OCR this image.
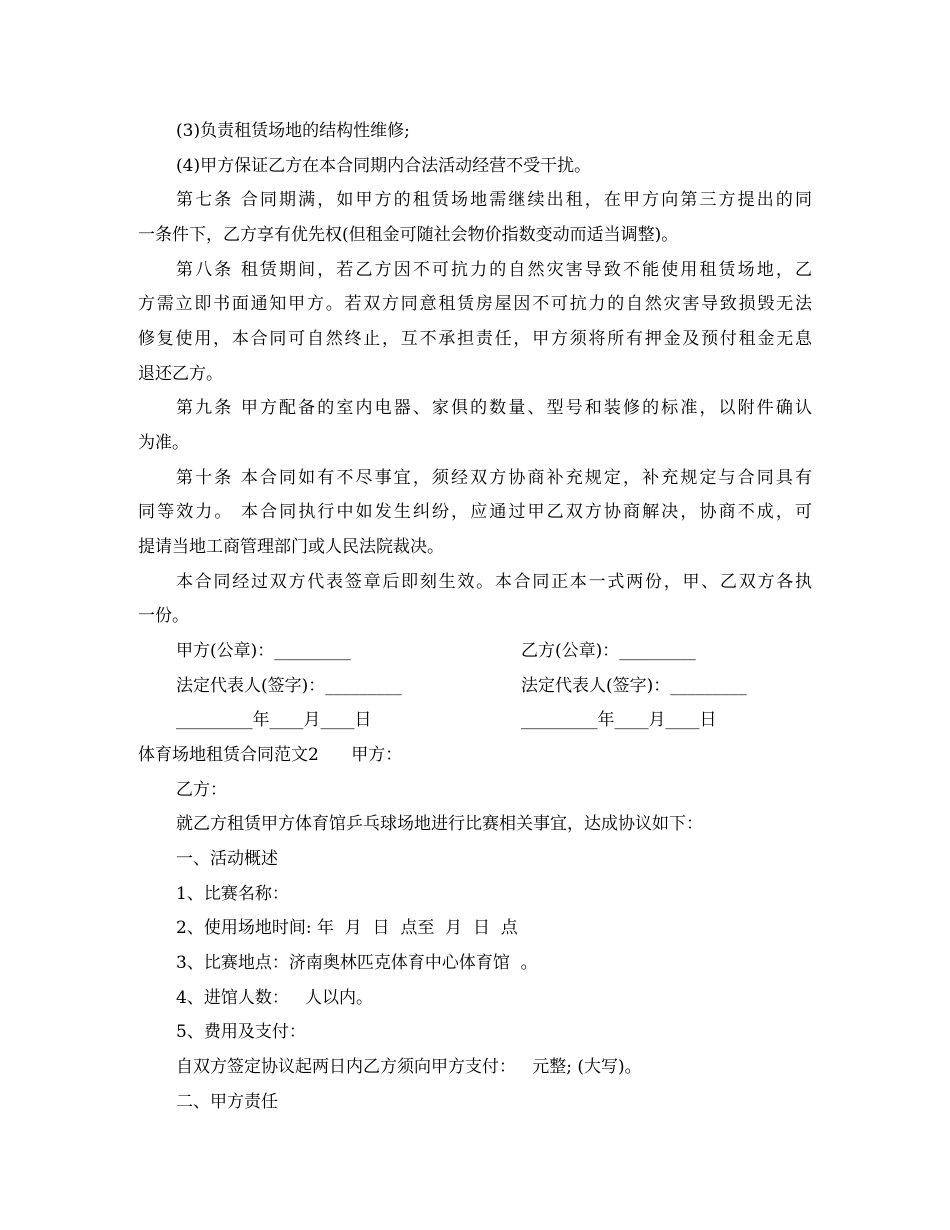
(3)负责租赁场地的结构性维修;
(4)甲方保证乙方在本合同期内合法活动经营不受干扰。
第七条 合同期满，如甲方的租赁场地需继续出租，在甲方向第三方提出的同
一条件下，乙方享有优先权(但租金可随社会物价指数变动而适当调整)。
第八条 租赁期间，若乙方因不可抗力的自然灾害导致不能使用租赁场地，乙
方需立即书面通知甲方。若双方同意租赁房屋因不可抗力的自然灾害导致损毁无法
修复使用，本合同可自然终止，互不承担责任，甲方须将所有押金及预付租金无息
退还乙方。
第九条 甲方配备的室内电器、家俱的数量、型号和装修的标准，以附件确认
为准。
第十条 本合同如有不尽事宜，须经双方协商补充规定，补充规定与合同具有
同等效力。 本合同执行中如发生纠纷，应通过甲乙双方协商解决，协商不成，可
提请当地工商管理部门或人民法院裁决。
本合同经过双方代表签章后即刻生效。本合同正本一式两份，甲、乙双方各执
一份。
甲方(公章)：_________	乙方(公章)：_________
法定代表人(签字)：_________	法定代表人(签字)：_________
_________年____月____日	_________年____月____日
体育场地租赁合同范文2      甲方：
乙方：
就乙方租赁甲方体育馆乒乓球场地进行比赛相关事宜，达成协议如下：
一、活动概述
1、比赛名称：
2、使用场地时间: 年  月  日  点至  月  日  点
3、比赛地点：济南奥林匹克体育中心体育馆  。
4、进馆人数：   人以内。
5、费用及支付：
自双方签定协议起两日内乙方须向甲方支付：   元整; (大写)。
二、甲方责任
